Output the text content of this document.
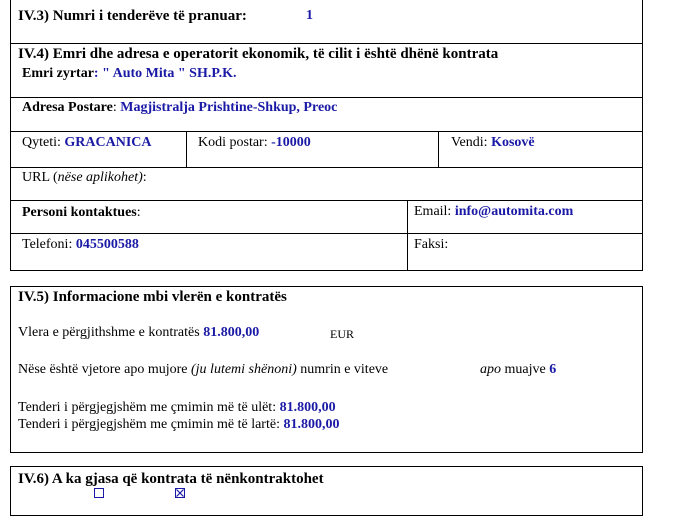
IV.3) Numri i tenderëve të pranuar:	1
IV.4) Emri dhe adresa e operatorit ekonomik, të cilit i është dhënë kontrata
Emri zyrtar: " Auto Mita " SH.P.K.
Adresa Postare: Magjistralja Prishtine-Shkup, Preoc
Qyteti: GRACANICA	Kodi postar: -10000	Vendi: Kosovë
URL (nëse aplikohet):
Personi kontaktues:	Email: info@automita.com
Telefoni: 045500588	Faksi:
IV.5) Informacione mbi vlerën e kontratës
Vlera e përgjithshme e kontratës 81.800,00	EUR
Nëse është vjetore apo mujore (ju lutemi shënoni) numrin e viteve	apo muajve 6
Tenderi i përgjegjshëm me çmimin më të ulët: 81.800,00
Tenderi i përgjegjshëm me çmimin më të lartë: 81.800,00
IV.6) A ka gjasa që kontrata të nënkontraktohet
